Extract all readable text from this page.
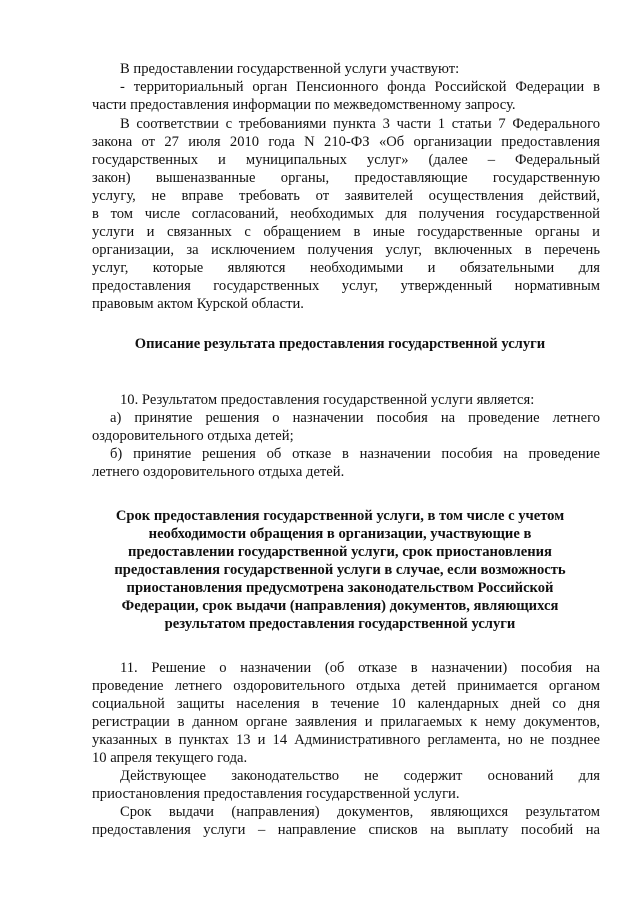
В предоставлении государственной услуги участвуют:
- территориальный орган Пенсионного фонда Российской Федерации в
части предоставления информации по межведомственному запросу.
В соответствии с требованиями пункта 3 части 1 статьи 7 Федерального
закона от 27 июля 2010 года N 210-ФЗ «Об организации предоставления
государственных и муниципальных услуг» (далее – Федеральный
закон) вышеназванные органы, предоставляющие государственную
услугу, не вправе требовать от заявителей осуществления действий,
в том числе согласований, необходимых для получения государственной
услуги и связанных с обращением в иные государственные органы и
организации, за исключением получения услуг, включенных в перечень
услуг, которые являются необходимыми и обязательными для
предоставления государственных услуг, утвержденный нормативным
правовым актом Курской области.
Описание результата предоставления государственной услуги
10. Результатом предоставления государственной услуги является:
а) принятие решения о назначении пособия на проведение летнего
оздоровительного отдыха детей;
б) принятие решения об отказе в назначении пособия на проведение
летнего оздоровительного отдыха детей.
Срок предоставления государственной услуги, в том числе с учетом
необходимости обращения в организации, участвующие в
предоставлении государственной услуги, срок приостановления
предоставления государственной услуги в случае, если возможность
приостановления предусмотрена законодательством Российской
Федерации, срок выдачи (направления) документов, являющихся
результатом предоставления государственной услуги
11. Решение о назначении (об отказе в назначении) пособия на
проведение летнего оздоровительного отдыха детей принимается органом
социальной защиты населения в течение 10 календарных дней со дня
регистрации в данном органе заявления и прилагаемых к нему документов,
указанных в пунктах 13 и 14 Административного регламента, но не позднее
10 апреля текущего года.
Действующее законодательство не содержит оснований для
приостановления предоставления государственной услуги.
Срок выдачи (направления) документов, являющихся результатом
предоставления услуги – направление списков на выплату пособий на
